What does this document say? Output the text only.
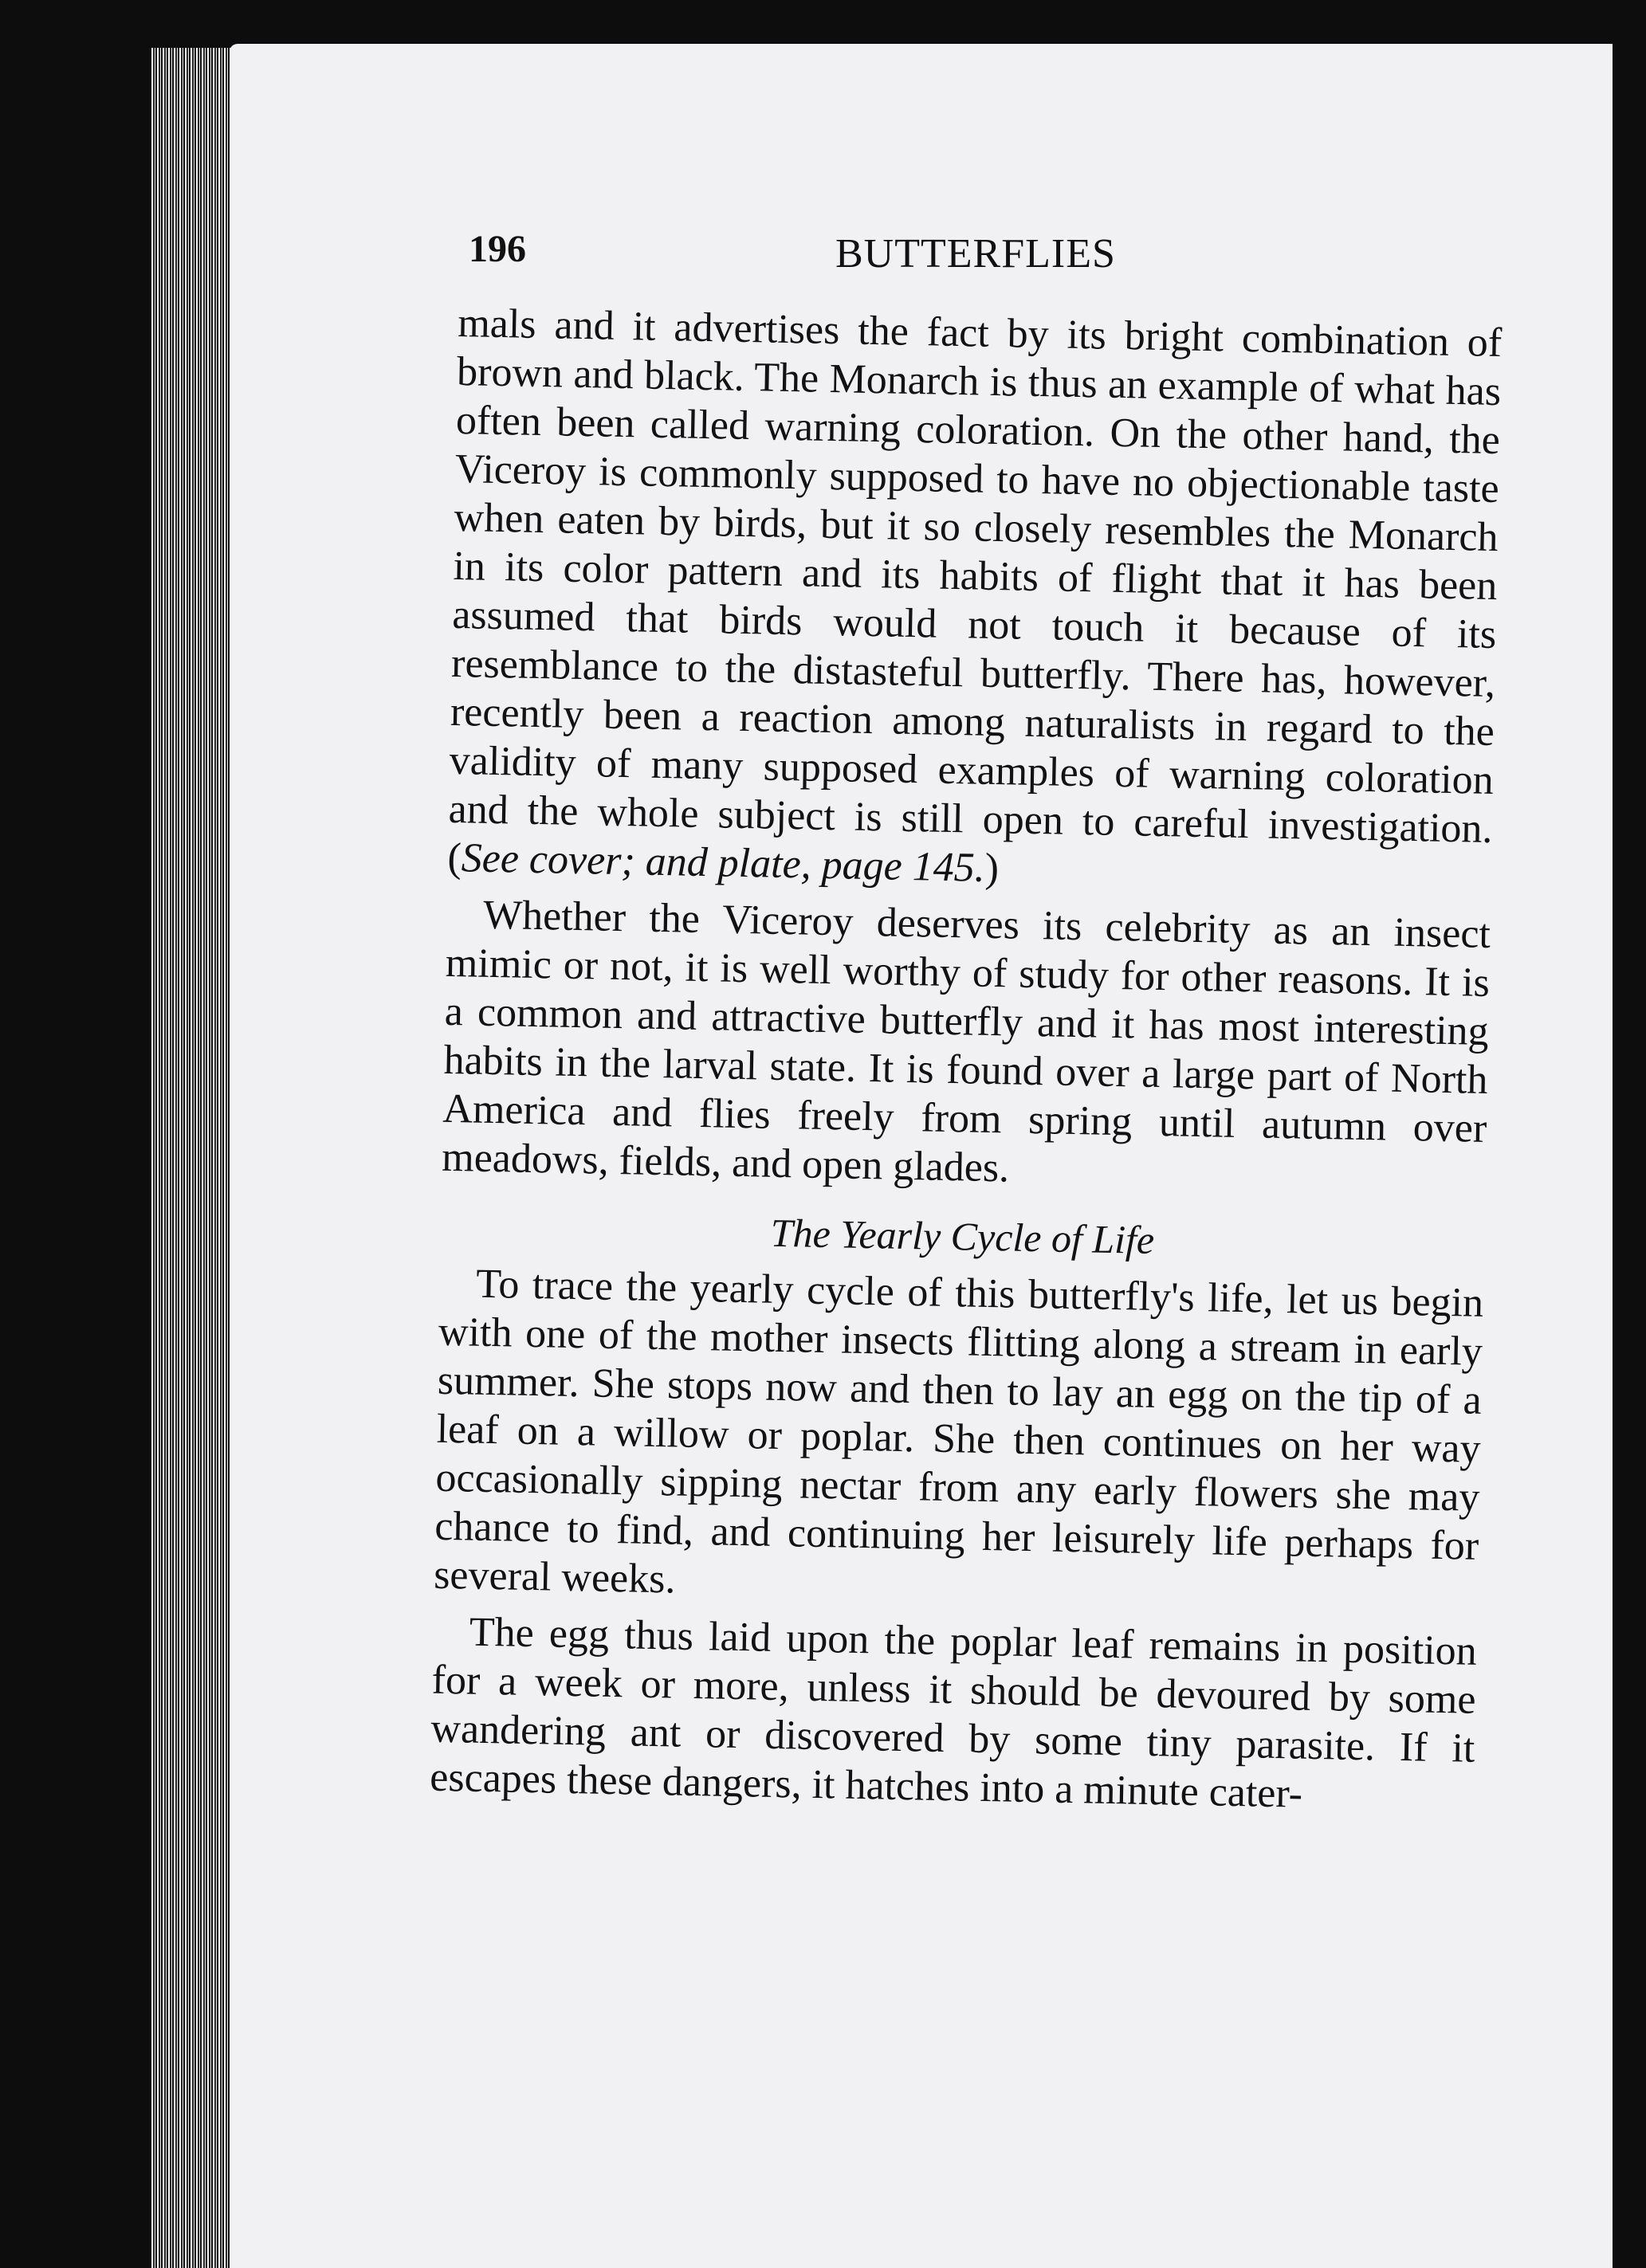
196	BUTTERFLIES

mals and it advertises the fact by its bright combination of brown and black. The Monarch is thus an example of what has often been called warning coloration. On the other hand, the Viceroy is commonly supposed to have no objectionable taste when eaten by birds, but it so closely resembles the Monarch in its color pattern and its habits of flight that it has been assumed that birds would not touch it because of its resemblance to the distasteful butterfly. There has, however, recently been a reaction among naturalists in regard to the validity of many supposed examples of warning coloration and the whole subject is still open to careful investigation. (See cover; and plate, page 145.)

Whether the Viceroy deserves its celebrity as an insect mimic or not, it is well worthy of study for other reasons. It is a common and attractive butterfly and it has most interesting habits in the larval state. It is found over a large part of North America and flies freely from spring until autumn over meadows, fields, and open glades.

The Yearly Cycle of Life

To trace the yearly cycle of this butterfly's life, let us begin with one of the mother insects flitting along a stream in early summer. She stops now and then to lay an egg on the tip of a leaf on a willow or poplar. She then continues on her way occasionally sipping nectar from any early flowers she may chance to find, and continuing her leisurely life perhaps for several weeks.

The egg thus laid upon the poplar leaf remains in position for a week or more, unless it should be devoured by some wandering ant or discovered by some tiny parasite. If it escapes these dangers, it hatches into a minute cater-
